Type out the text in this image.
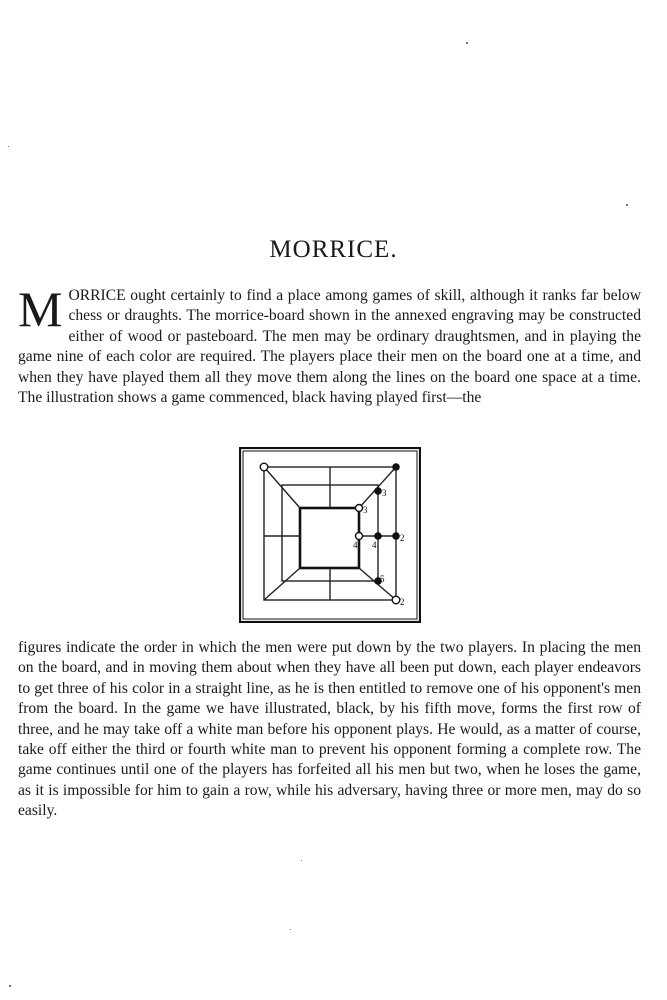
MORRICE.

MORRICE ought certainly to find a place among games of skill, although it ranks far below chess or draughts. The morrice-board shown in the annexed engraving may be constructed either of wood or pasteboard. The men may be ordinary draughtsmen, and in playing the game nine of each color are required. The players place their men on the board one at a time, and when they have played them all they move them along the lines on the board one space at a time. The illustration shows a game commenced, black having played first—the

3
3
2
4 4
5
2

figures indicate the order in which the men were put down by the two players. In placing the men on the board, and in moving them about when they have all been put down, each player endeavors to get three of his color in a straight line, as he is then entitled to remove one of his opponent's men from the board. In the game we have illustrated, black, by his fifth move, forms the first row of three, and he may take off a white man before his opponent plays. He would, as a matter of course, take off either the third or fourth white man to prevent his opponent forming a complete row. The game continues until one of the players has forfeited all his men but two, when he loses the game, as it is impossible for him to gain a row, while his adversary, having three or more men, may do so easily.
